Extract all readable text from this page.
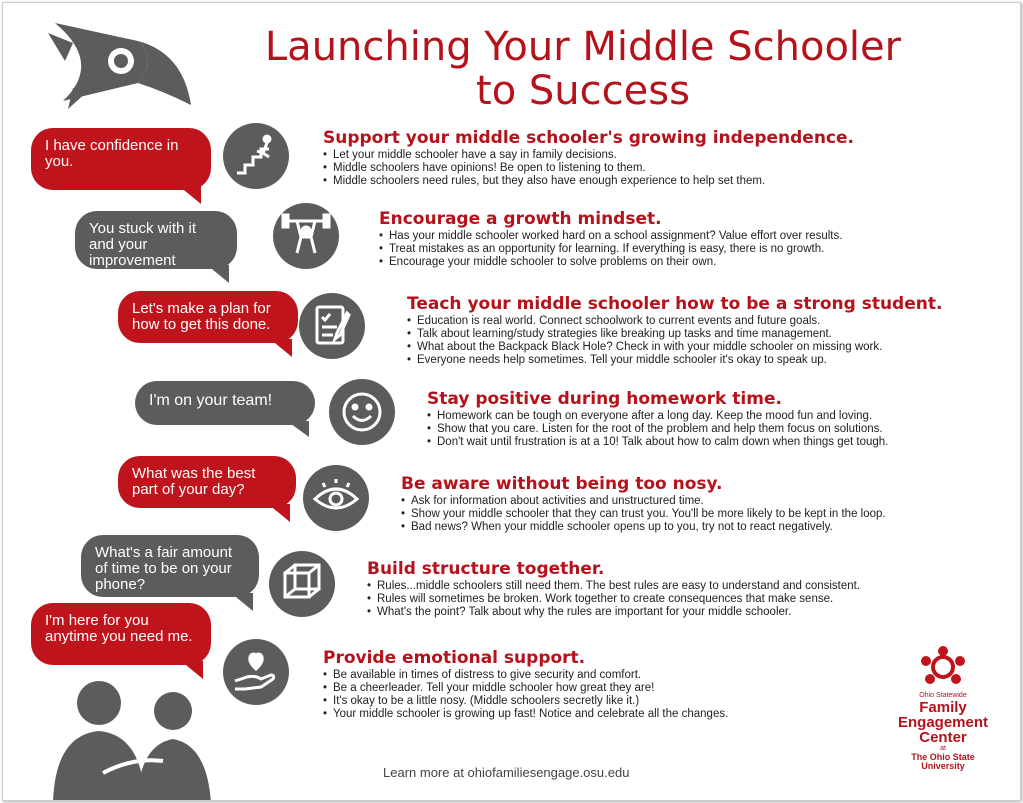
Launching Your Middle Schooler
to Success
I have confidence in you.
You stuck with it and your improvement shows.
Let's make a plan for how to get this done.
I'm on your team!
What was the best part of your day?
What's a fair amount of time to be on your phone?
I'm here for you anytime you need me.
Support your middle schooler's growing independence.
• Let your middle schooler have a say in family decisions.
• Middle schoolers have opinions! Be open to listening to them.
• Middle schoolers need rules, but they also have enough experience to help set them.
Encourage a growth mindset.
• Has your middle schooler worked hard on a school assignment? Value effort over results.
• Treat mistakes as an opportunity for learning. If everything is easy, there is no growth.
• Encourage your middle schooler to solve problems on their own.
Teach your middle schooler how to be a strong student.
• Education is real world. Connect schoolwork to current events and future goals.
• Talk about learning/study strategies like breaking up tasks and time management.
• What about the Backpack Black Hole? Check in with your middle schooler on missing work.
• Everyone needs help sometimes. Tell your middle schooler it's okay to speak up.
Stay positive during homework time.
• Homework can be tough on everyone after a long day. Keep the mood fun and loving.
• Show that you care. Listen for the root of the problem and help them focus on solutions.
• Don't wait until frustration is at a 10! Talk about how to calm down when things get tough.
Be aware without being too nosy.
• Ask for information about activities and unstructured time.
• Show your middle schooler that they can trust you. You'll be more likely to be kept in the loop.
• Bad news? When your middle schooler opens up to you, try not to react negatively.
Build structure together.
• Rules...middle schoolers still need them. The best rules are easy to understand and consistent.
• Rules will sometimes be broken. Work together to create consequences that make sense.
• What's the point? Talk about why the rules are important for your middle schooler.
Provide emotional support.
• Be available in times of distress to give security and comfort.
• Be a cheerleader. Tell your middle schooler how great they are!
• It's okay to be a little nosy. (Middle schoolers secretly like it.)
• Your middle schooler is growing up fast! Notice and celebrate all the changes.
Learn more at ohiofamiliesengage.osu.edu
Ohio Statewide
Family
Engagement
Center
at
The Ohio State
University
